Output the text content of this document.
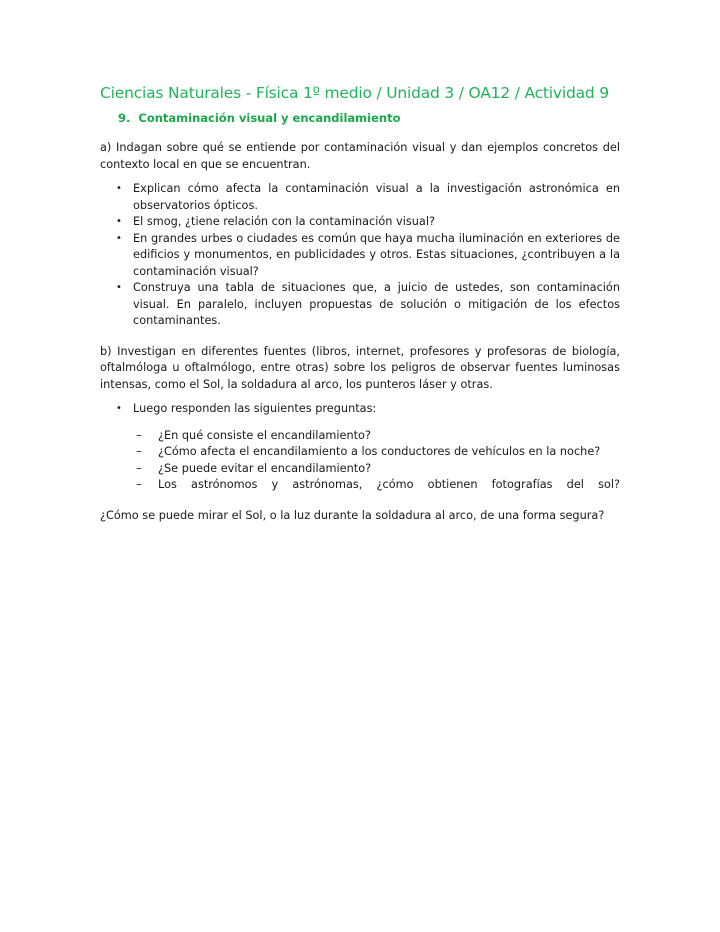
Ciencias Naturales - Física 1º medio / Unidad 3 / OA12 / Actividad 9

9. Contaminación visual y encandilamiento

a) Indagan sobre qué se entiende por contaminación visual y dan ejemplos concretos del contexto local en que se encuentran.

• Explican cómo afecta la contaminación visual a la investigación astronómica en observatorios ópticos.
• El smog, ¿tiene relación con la contaminación visual?
• En grandes urbes o ciudades es común que haya mucha iluminación en exteriores de edificios y monumentos, en publicidades y otros. Estas situaciones, ¿contribuyen a la contaminación visual?
• Construya una tabla de situaciones que, a juicio de ustedes, son contaminación visual. En paralelo, incluyen propuestas de solución o mitigación de los efectos contaminantes.

b) Investigan en diferentes fuentes (libros, internet, profesores y profesoras de biología, oftalmóloga u oftalmólogo, entre otras) sobre los peligros de observar fuentes luminosas intensas, como el Sol, la soldadura al arco, los punteros láser y otras.

• Luego responden las siguientes preguntas:
– ¿En qué consiste el encandilamiento?
– ¿Cómo afecta el encandilamiento a los conductores de vehículos en la noche?
– ¿Se puede evitar el encandilamiento?
– Los astrónomos y astrónomas, ¿cómo obtienen fotografías del sol?

¿Cómo se puede mirar el Sol, o la luz durante la soldadura al arco, de una forma segura?
